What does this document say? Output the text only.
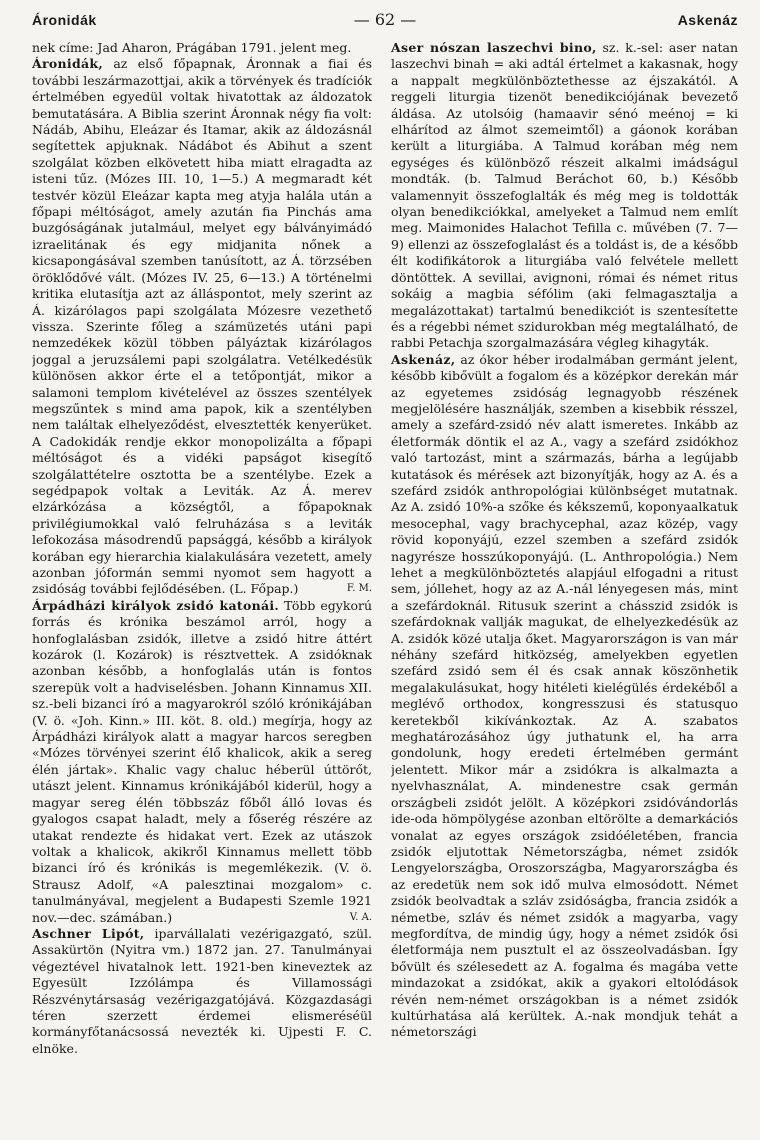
Áronidák	— 62 —	Askenáz

nek címe: Jad Aharon, Prágában 1791. jelent meg.

Áronidák, az első főpapnak, Áronnak a fiai és további leszármazottjai, akik a törvények és tradíciók értelmében egyedül voltak hivatottak az áldozatok bemutatására. A Biblia szerint Áronnak négy fia volt: Nádáb, Abihu, Eleázar és Itamar, akik az áldozásnál segítettek apjuknak. Nádábot és Abihut a szent szolgálat közben elkövetett hiba miatt elragadta az isteni tűz. (Mózes III. 10, 1—5.) A megmaradt két testvér közül Eleázar kapta meg atyja halála után a főpapi méltóságot, amely azután fia Pinchás ama buzgóságának jutalmául, melyet egy bálványimádó izraelitának és egy midjanita nőnek a kicsapongásával szemben tanúsított, az Á. törzsében öröklődővé vált. (Mózes IV. 25, 6—13.) A történelmi kritika elutasítja azt az álláspontot, mely szerint az Á. kizárólagos papi szolgálata Mózesre vezethető vissza. Szerinte főleg a számüzetés utáni papi nemzedékek közül többen pályáztak kizárólagos joggal a jeruzsálemi papi szolgálatra. Vetélkedésük különösen akkor érte el a tetőpontját, mikor a salamoni templom kivételével az összes szentélyek megszűntek s mind ama papok, kik a szentélyben nem találtak elhelyeződést, elvesztették kenyerüket. A Cadokidák rendje ekkor monopolizálta a főpapi méltóságot és a vidéki papságot kisegítő szolgálattételre osztotta be a szentélybe. Ezek a segédpapok voltak a Leviták. Az Á. merev elzárkózása a községtől, a főpapoknak privilégiumokkal való felruházása s a leviták lefokozása másodrendű papsággá, később a királyok korában egy hierarchia kialakulására vezetett, amely azonban jóformán semmi nyomot sem hagyott a zsidóság további fejlődésében. (L. Főpap.)	F. M.

Árpádházi királyok zsidó katonái. Több egykorú forrás és krónika beszámol arról, hogy a honfoglalásban zsidók, illetve a zsidó hitre áttért kozárok (l. Kozárok) is résztvettek. A zsidóknak azonban később, a honfoglalás után is fontos szerepük volt a hadviselésben. Johann Kinnamus XII. sz.-beli bizanci író a magyarokról szóló krónikájában (V. ö. «Joh. Kinn.» III. köt. 8. old.) megírja, hogy az Árpádházi királyok alatt a magyar harcos seregben «Mózes törvényei szerint élő khalicok, akik a sereg élén jártak». Khalic vagy chaluc héberül úttörőt, utászt jelent. Kinnamus krónikájából kiderül, hogy a magyar sereg élén többszáz főből álló lovas és gyalogos csapat haladt, mely a főserég részére az utakat rendezte és hidakat vert. Ezek az utászok voltak a khalicok, akikről Kinnamus mellett több bizanci író és krónikás is megemlékezik. (V. ö. Strausz Adolf, «A palesztinai mozgalom» c. tanulmányával, megjelent a Budapesti Szemle 1921 nov.—dec. számában.)	V. A.

Aschner Lipót, iparvállalati vezérigazgató, szül. Assakürtön (Nyitra vm.) 1872 jan. 27. Tanulmányai végeztével hivatalnok lett. 1921-ben kineveztek az Egyesült Izzólámpa és Villamossági Részvénytársaság vezérigazgatójává. Közgazdasági téren szerzett érdemei elismeréséül kormányfőtanácsossá nevezték ki. Ujpesti F. C. elnöke.

Aser nószan laszechvi bino, sz. k.-sel: aser natan laszechvi binah = aki adtál értelmet a kakasnak, hogy a nappalt megkülönböztethesse az éjszakától. A reggeli liturgia tizenöt benedikciójának bevezető áldása. Az utolsóig (hamaavir sénó meénoj = ki elhárítod az álmot szemeimtől) a gáonok korában került a liturgiába. A Talmud korában még nem egységes és különböző részeit alkalmi imádságul mondták. (b. Talmud Beráchot 60, b.) Később valamennyit összefoglalták és még meg is toldották olyan benedikciókkal, amelyeket a Talmud nem említ meg. Maimonides Halachot Tefilla c. művében (7. 7—9) ellenzi az összefoglalást és a toldást is, de a később élt kodifikátorok a liturgiába való felvétele mellett döntöttek. A sevillai, avignoni, római és német ritus sokáig a magbia séfólim (aki felmagasztalja a megalázottakat) tartalmú benedikciót is szentesítette és a régebbi német szidurokban még megtalálható, de rabbi Petachja szorgalmazására végleg kihagyták.

Askenáz, az ókor héber irodalmában germánt jelent, később kibővült a fogalom és a középkor derekán már az egyetemes zsidóság legnagyobb részének megjelölésére használják, szemben a kisebbik résszel, amely a szefárd-zsidó név alatt ismeretes. Inkább az életformák döntik el az A., vagy a szefárd zsidókhoz való tartozást, mint a származás, bárha a legújabb kutatások és mérések azt bizonyítják, hogy az A. és a szefárd zsidók anthropológiai különbséget mutatnak. Az A. zsidó 10%-a szőke és kékszemű, koponyaalkatuk mesocephal, vagy brachycephal, azaz közép, vagy rövid koponyájú, ezzel szemben a szefárd zsidók nagyrésze hosszúkoponyájú. (L. Anthropológia.) Nem lehet a megkülönböztetés alapjául elfogadni a ritust sem, jóllehet, hogy az az A.-nál lényegesen más, mint a szefárdoknál. Ritusuk szerint a chásszid zsidók is szefárdoknak vallják magukat, de elhelyezkedésük az A. zsidók közé utalja őket. Magyarországon is van már néhány szefárd hitközség, amelyekben egyetlen szefárd zsidó sem él és csak annak köszönhetik megalakulásukat, hogy hitéleti kielégülés érdekéből a meglévő orthodox, kongresszusi és statusquo keretekből kikívánkoztak. Az A. szabatos meghatározásához úgy juthatunk el, ha arra gondolunk, hogy eredeti értelmében germánt jelentett. Mikor már a zsidókra is alkalmazta a nyelvhasználat, A. mindenestre csak germán országbeli zsidót jelölt. A középkori zsidóvándorlás ide-oda hömpölygése azonban eltörölte a demarkációs vonalat az egyes országok zsidóéletében, francia zsidók eljutottak Németországba, német zsidók Lengyelországba, Oroszországba, Magyarországba és az eredetük nem sok idő mulva elmosódott. Német zsidók beolvadtak a szláv zsidóságba, francia zsidók a németbe, szláv és német zsidók a magyarba, vagy megfordítva, de mindig úgy, hogy a német zsidók ősi életformája nem pusztult el az összeolvadásban. Így bővült és szélesedett az A. fogalma és magába vette mindazokat a zsidókat, akik a gyakori eltolódások révén nem-német országokban is a német zsidók kultúrhatása alá kerültek. A.-nak mondjuk tehát a németországi
